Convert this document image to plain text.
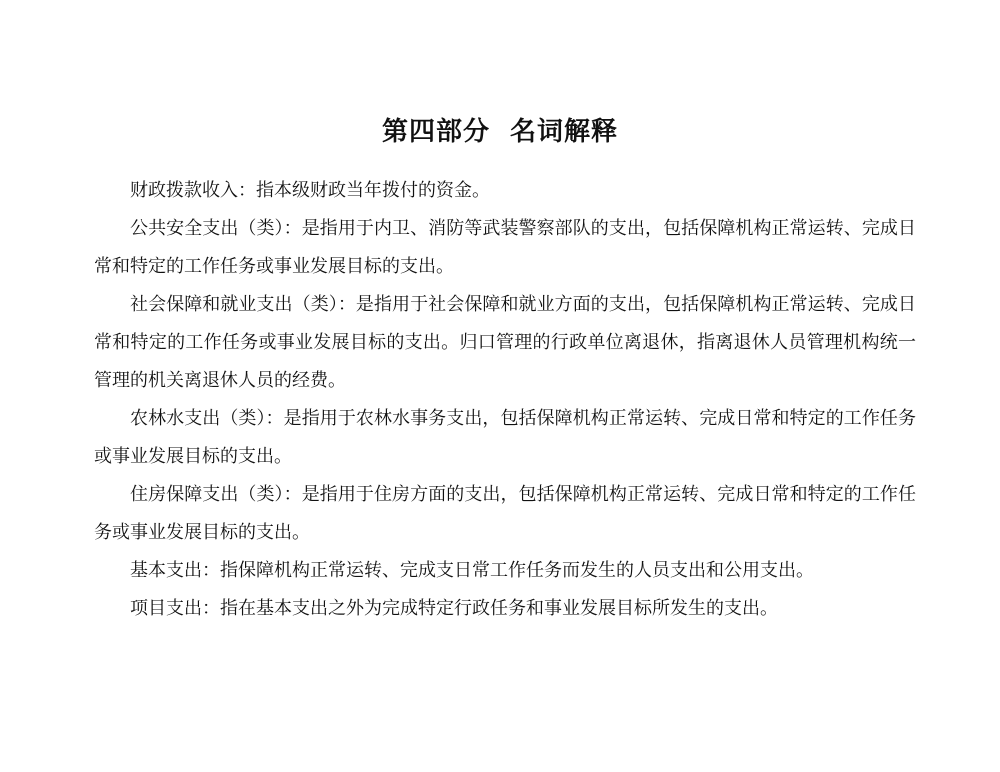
第四部分  名词解释

财政拨款收入：指本级财政当年拨付的资金。

公共安全支出（类）：是指用于内卫、消防等武装警察部队的支出，包括保障机构正常运转、完成日常和特定的工作任务或事业发展目标的支出。

社会保障和就业支出（类）：是指用于社会保障和就业方面的支出，包括保障机构正常运转、完成日常和特定的工作任务或事业发展目标的支出。归口管理的行政单位离退休，指离退休人员管理机构统一管理的机关离退休人员的经费。

农林水支出（类）：是指用于农林水事务支出，包括保障机构正常运转、完成日常和特定的工作任务或事业发展目标的支出。

住房保障支出（类）：是指用于住房方面的支出，包括保障机构正常运转、完成日常和特定的工作任务或事业发展目标的支出。

基本支出：指保障机构正常运转、完成支日常工作任务而发生的人员支出和公用支出。

项目支出：指在基本支出之外为完成特定行政任务和事业发展目标所发生的支出。
